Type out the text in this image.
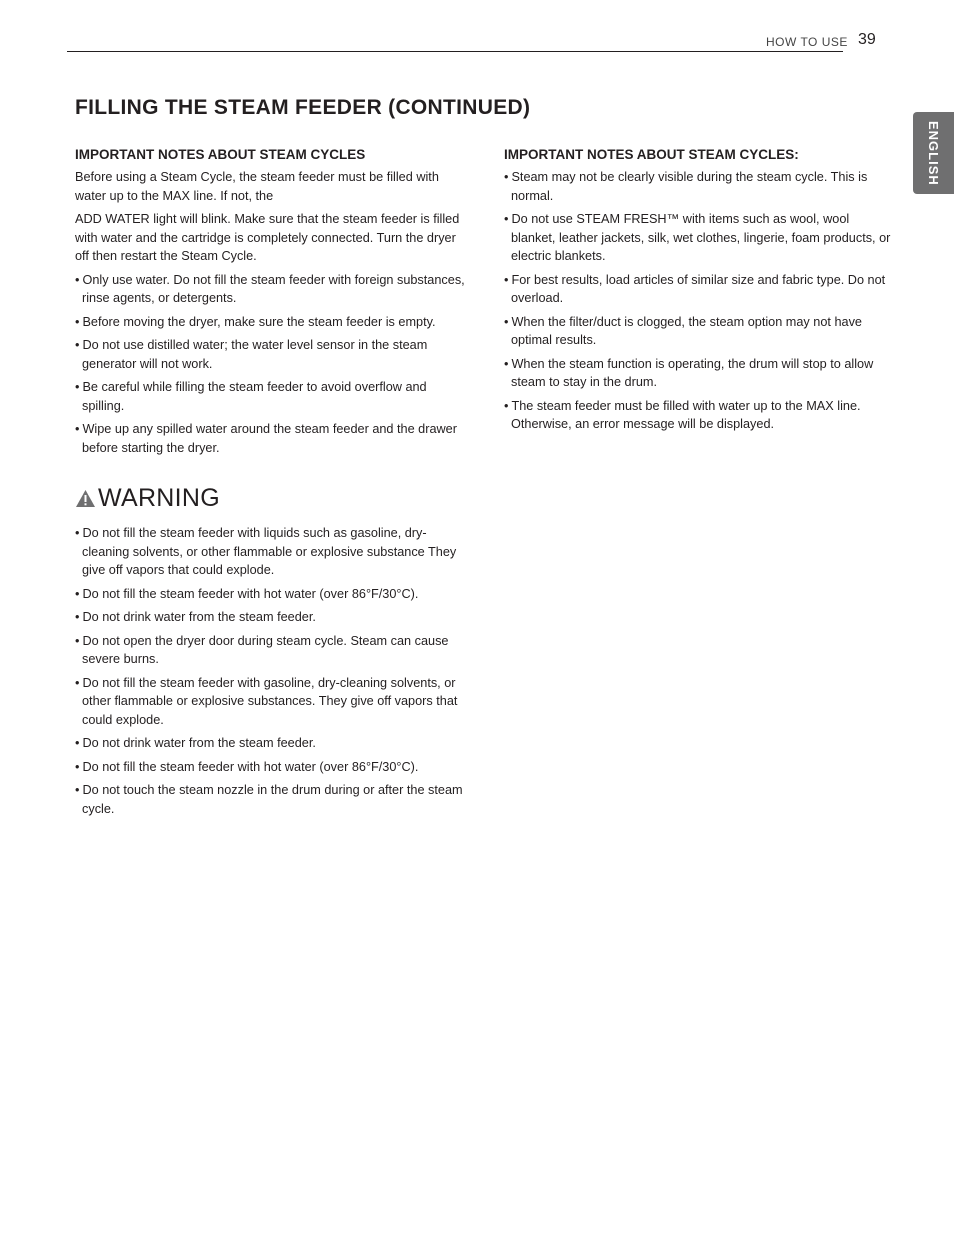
HOW TO USE 39
ENGLISH
FILLING THE STEAM FEEDER (CONTINUED)
IMPORTANT NOTES ABOUT STEAM CYCLES

Before using a Steam Cycle, the steam feeder must be filled with water up to the MAX line. If not, the

ADD WATER light will blink. Make sure that the steam feeder is filled with water and the cartridge is completely connected. Turn the dryer off then restart the Steam Cycle.

• Only use water. Do not fill the steam feeder with foreign substances, rinse agents, or detergents.
• Before moving the dryer, make sure the steam feeder is empty.
• Do not use distilled water; the water level sensor in the steam generator will not work.
• Be careful while filling the steam feeder to avoid overflow and spilling.
• Wipe up any spilled water around the steam feeder and the drawer before starting the dryer.
WARNING
• Do not fill the steam feeder with liquids such as gasoline, dry-cleaning solvents, or other flammable or explosive substance They give off vapors that could explode.
• Do not fill the steam feeder with hot water (over 86°F/30°C).
• Do not drink water from the steam feeder.
• Do not open the dryer door during steam cycle. Steam can cause severe burns.
• Do not fill the steam feeder with gasoline, dry-cleaning solvents, or other flammable or explosive substances. They give off vapors that could explode.
• Do not drink water from the steam feeder.
• Do not fill the steam feeder with hot water (over 86°F/30°C).
• Do not touch the steam nozzle in the drum during or after the steam cycle.
IMPORTANT NOTES ABOUT STEAM CYCLES:
• Steam may not be clearly visible during the steam cycle. This is normal.
• Do not use STEAM FRESH™ with items such as wool, wool blanket, leather jackets, silk, wet clothes, lingerie, foam products, or electric blankets.
• For best results, load articles of similar size and fabric type. Do not overload.
• When the filter/duct is clogged, the steam option may not have optimal results.
• When the steam function is operating, the drum will stop to allow steam to stay in the drum.
• The steam feeder must be filled with water up to the MAX line. Otherwise, an error message will be displayed.
